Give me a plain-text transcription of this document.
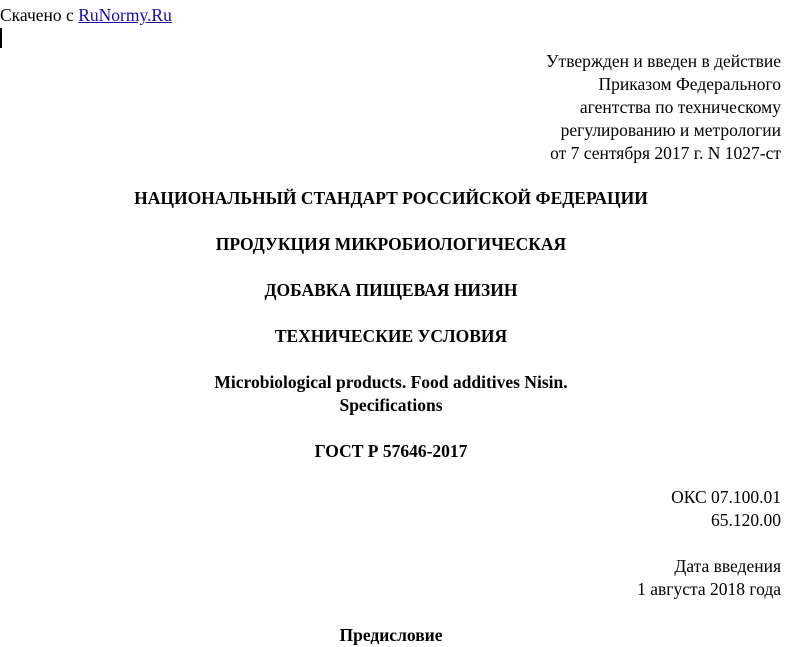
Скачено с RuNormy.Ru
Утвержден и введен в действие
Приказом Федерального
агентства по техническому
регулированию и метрологии
от 7 сентября 2017 г. N 1027-ст
НАЦИОНАЛЬНЫЙ СТАНДАРТ РОССИЙСКОЙ ФЕДЕРАЦИИ
ПРОДУКЦИЯ МИКРОБИОЛОГИЧЕСКАЯ
ДОБАВКА ПИЩЕВАЯ НИЗИН
ТЕХНИЧЕСКИЕ УСЛОВИЯ
Microbiological products. Food additives Nisin.
Specifications
ГОСТ Р 57646-2017
ОКС 07.100.01
65.120.00
Дата введения
1 августа 2018 года
Предисловие
